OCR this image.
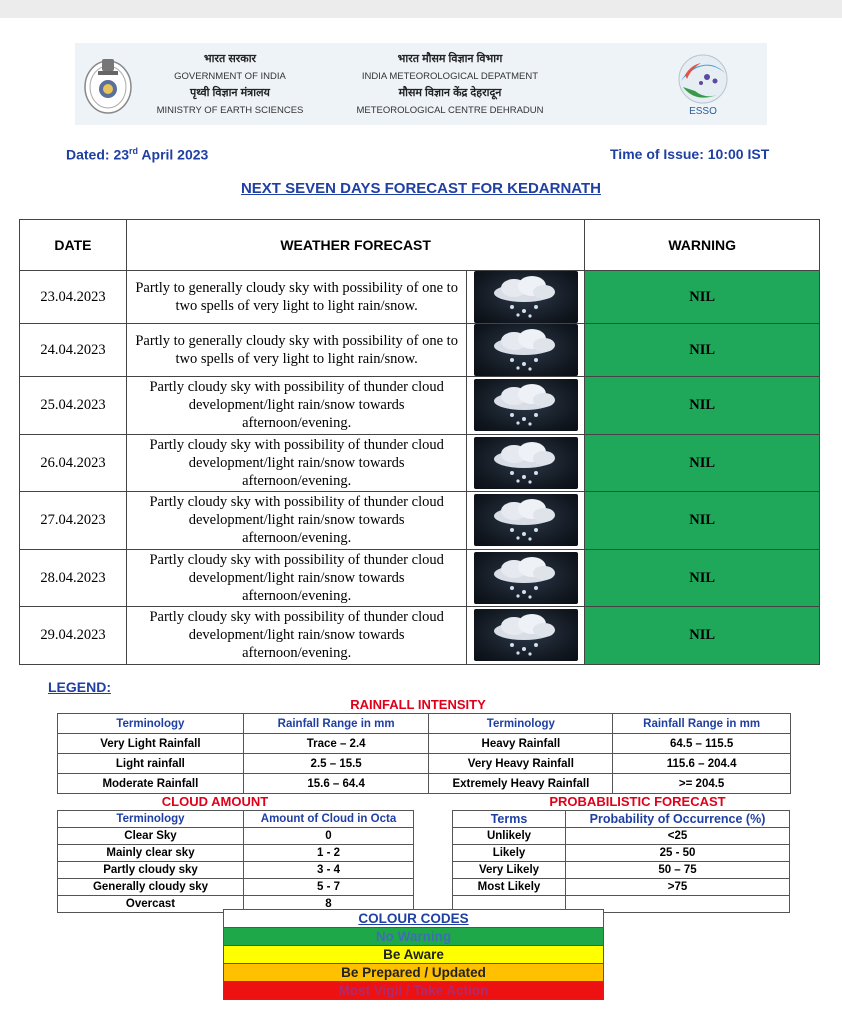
भारत सरकार
GOVERNMENT OF INDIA
पृथ्वी विज्ञान मंत्रालय
MINISTRY OF EARTH SCIENCES
भारत मौसम विज्ञान विभाग
INDIA METEOROLOGICAL DEPATMENT
मौसम विज्ञान केंद्र देहरादून
METEOROLOGICAL CENTRE DEHRADUN	ESSO
Dated: 23rd April 2023	Time of Issue: 10:00 IST
NEXT SEVEN DAYS FORECAST FOR KEDARNATH
DATE	WEATHER FORECAST		WARNING
23.04.2023	Partly to generally cloudy sky with possibility of one to two spells of very light to light rain/snow.		NIL
24.04.2023	Partly to generally cloudy sky with possibility of one to two spells of very light to light rain/snow.		NIL
25.04.2023	Partly cloudy sky with possibility of thunder cloud development/light rain/snow towards afternoon/evening.		NIL
26.04.2023	Partly cloudy sky with possibility of thunder cloud development/light rain/snow towards afternoon/evening.		NIL
27.04.2023	Partly cloudy sky with possibility of thunder cloud development/light rain/snow towards afternoon/evening.		NIL
28.04.2023	Partly cloudy sky with possibility of thunder cloud development/light rain/snow towards afternoon/evening.		NIL
29.04.2023	Partly cloudy sky with possibility of thunder cloud development/light rain/snow towards afternoon/evening.		NIL
LEGEND:
RAINFALL INTENSITY
Terminology	Rainfall Range in mm	Terminology	Rainfall Range in mm
Very Light Rainfall	Trace – 2.4	Heavy Rainfall	64.5 – 115.5
Light rainfall	2.5 – 15.5	Very Heavy Rainfall	115.6 – 204.4
Moderate Rainfall	15.6 – 64.4	Extremely Heavy Rainfall	>= 204.5
CLOUD AMOUNT
Terminology	Amount of Cloud in Octa
Clear Sky	0
Mainly clear sky	1 - 2
Partly cloudy sky	3 - 4
Generally cloudy sky	5 - 7
Overcast	8
PROBABILISTIC FORECAST
Terms	Probability of Occurrence (%)
Unlikely	<25
Likely	25 - 50
Very Likely	50 – 75
Most Likely	>75

COLOUR CODES
No Warning
Be Aware
Be Prepared / Updated
Most Vigil / Take Action
